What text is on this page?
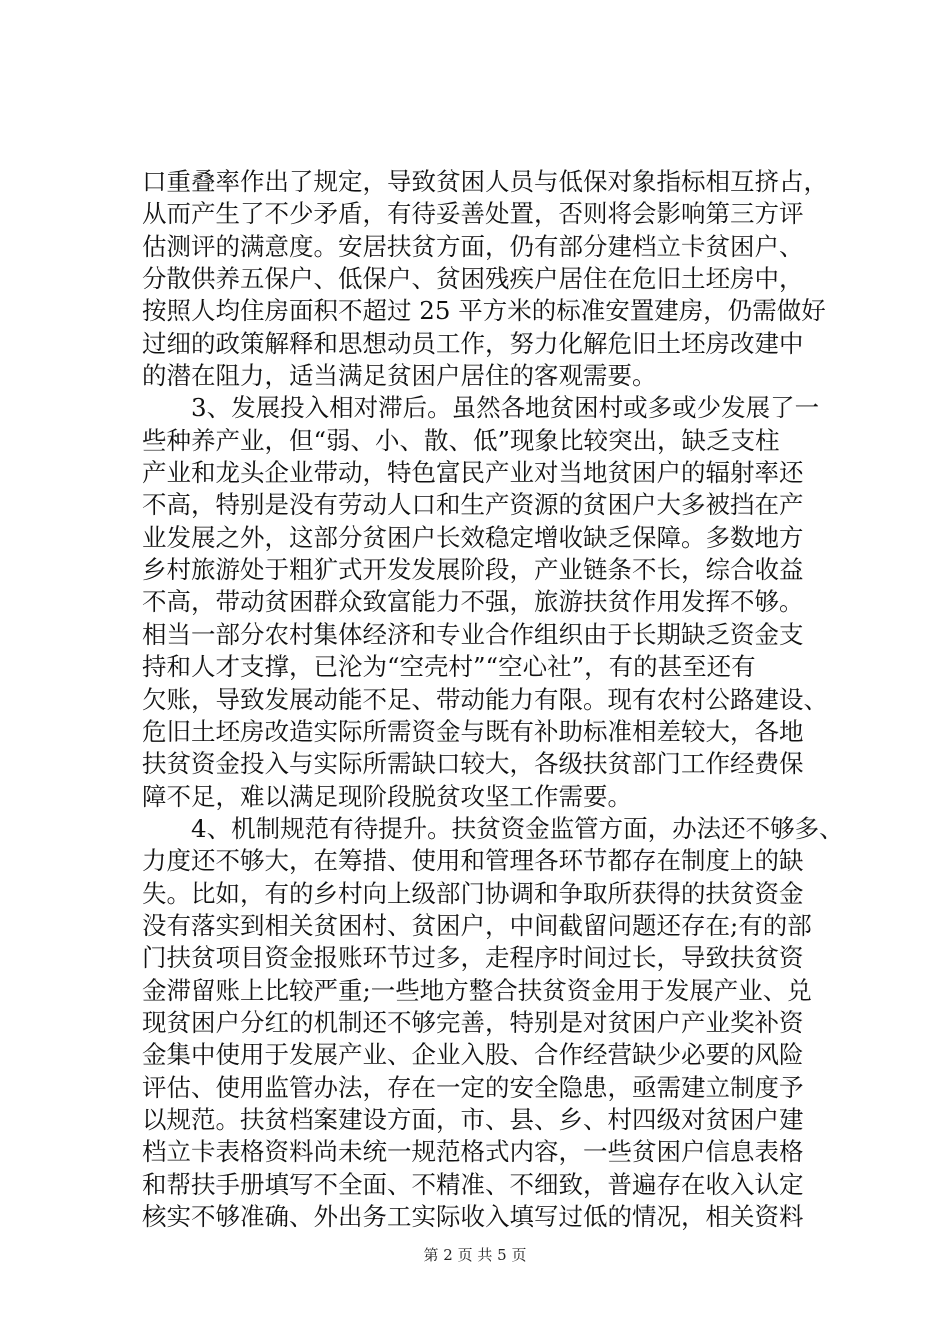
口重叠率作出了规定，导致贫困人员与低保对象指标相互挤占，
从而产生了不少矛盾，有待妥善处置，否则将会影响第三方评
估测评的满意度。安居扶贫方面，仍有部分建档立卡贫困户、
分散供养五保户、低保户、贫困残疾户居住在危旧土坯房中，
按照人均住房面积不超过 25 平方米的标准安置建房，仍需做好
过细的政策解释和思想动员工作，努力化解危旧土坯房改建中
的潜在阻力，适当满足贫困户居住的客观需要。
　　3、发展投入相对滞后。虽然各地贫困村或多或少发展了一
些种养产业，但“弱、小、散、低”现象比较突出，缺乏支柱
产业和龙头企业带动，特色富民产业对当地贫困户的辐射率还
不高，特别是没有劳动人口和生产资源的贫困户大多被挡在产
业发展之外，这部分贫困户长效稳定增收缺乏保障。多数地方
乡村旅游处于粗犷式开发发展阶段，产业链条不长，综合收益
不高，带动贫困群众致富能力不强，旅游扶贫作用发挥不够。
相当一部分农村集体经济和专业合作组织由于长期缺乏资金支
持和人才支撑，已沦为“空壳村”“空心社”，有的甚至还有
欠账，导致发展动能不足、带动能力有限。现有农村公路建设、
危旧土坯房改造实际所需资金与既有补助标准相差较大，各地
扶贫资金投入与实际所需缺口较大，各级扶贫部门工作经费保
障不足，难以满足现阶段脱贫攻坚工作需要。
　　4、机制规范有待提升。扶贫资金监管方面，办法还不够多、
力度还不够大，在筹措、使用和管理各环节都存在制度上的缺
失。比如，有的乡村向上级部门协调和争取所获得的扶贫资金
没有落实到相关贫困村、贫困户，中间截留问题还存在;有的部
门扶贫项目资金报账环节过多，走程序时间过长，导致扶贫资
金滞留账上比较严重;一些地方整合扶贫资金用于发展产业、兑
现贫困户分红的机制还不够完善，特别是对贫困户产业奖补资
金集中使用于发展产业、企业入股、合作经营缺少必要的风险
评估、使用监管办法，存在一定的安全隐患，亟需建立制度予
以规范。扶贫档案建设方面，市、县、乡、村四级对贫困户建
档立卡表格资料尚未统一规范格式内容，一些贫困户信息表格
和帮扶手册填写不全面、不精准、不细致，普遍存在收入认定
核实不够准确、外出务工实际收入填写过低的情况，相关资料
第 2 页 共 5 页
